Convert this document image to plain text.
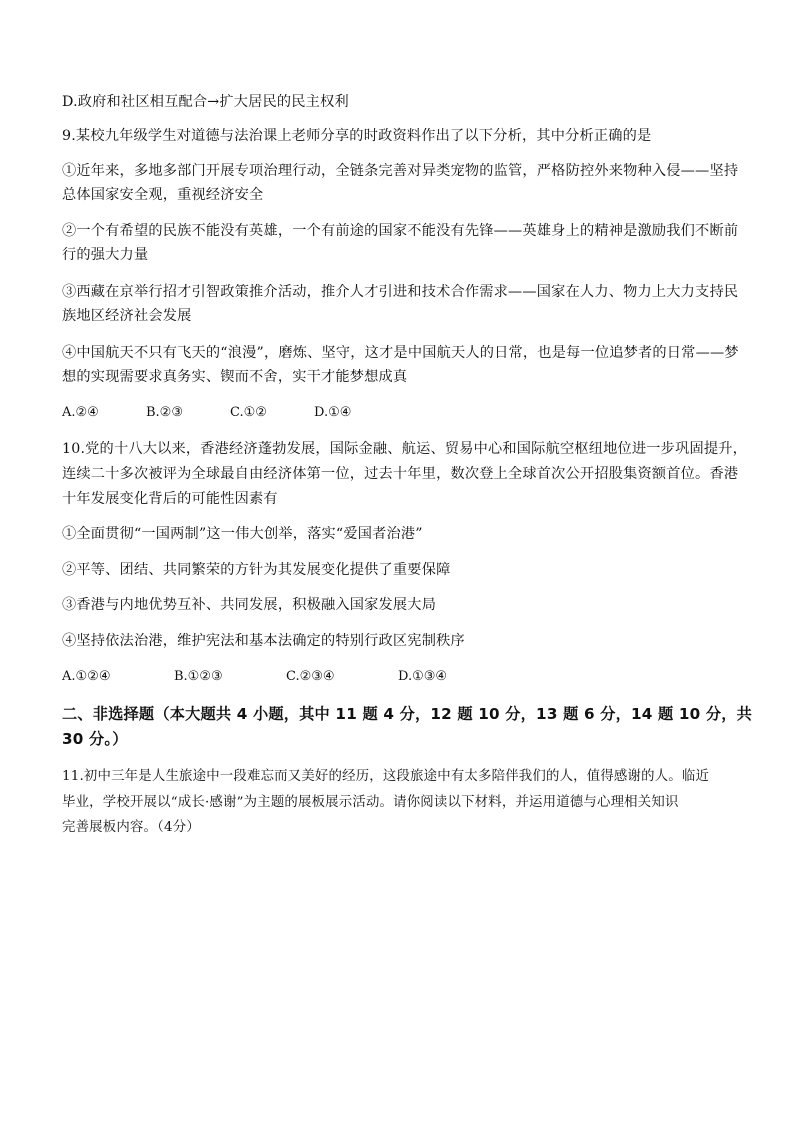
D.政府和社区相互配合→扩大居民的民主权利
9.某校九年级学生对道德与法治课上老师分享的时政资料作出了以下分析，其中分析正确的是
①近年来，多地多部门开展专项治理行动，全链条完善对异类宠物的监管，严格防控外来物种入侵——坚持
总体国家安全观，重视经济安全
②一个有希望的民族不能没有英雄，一个有前途的国家不能没有先锋——英雄身上的精神是激励我们不断前
行的强大力量
③西藏在京举行招才引智政策推介活动，推介人才引进和技术合作需求——国家在人力、物力上大力支持民
族地区经济社会发展
④中国航天不只有飞天的“浪漫”，磨炼、坚守，这才是中国航天人的日常，也是每一位追梦者的日常——梦
想的实现需要求真务实、锲而不舍，实干才能梦想成真
A.②④	B.②③	C.①②	D.①④
10.党的十八大以来，香港经济蓬勃发展，国际金融、航运、贸易中心和国际航空枢纽地位进一步巩固提升，
连续二十多次被评为全球最自由经济体第一位，过去十年里，数次登上全球首次公开招股集资额首位。香港
十年发展变化背后的可能性因素有
①全面贯彻“一国两制”这一伟大创举，落实“爱国者治港”
②平等、团结、共同繁荣的方针为其发展变化提供了重要保障
③香港与内地优势互补、共同发展，积极融入国家发展大局
④坚持依法治港，维护宪法和基本法确定的特别行政区宪制秩序
A.①②④	B.①②③	C.②③④	D.①③④
二、非选择题（本大题共 4 小题，其中 11 题 4 分，12 题 10 分，13 题 6 分，14 题 10 分，共
30 分。）
11.初中三年是人生旅途中一段难忘而又美好的经历，这段旅途中有太多陪伴我们的人，值得感谢的人。临近
毕业，学校开展以“成长·感谢”为主题的展板展示活动。请你阅读以下材料，并运用道德与心理相关知识
完善展板内容。（4分）
